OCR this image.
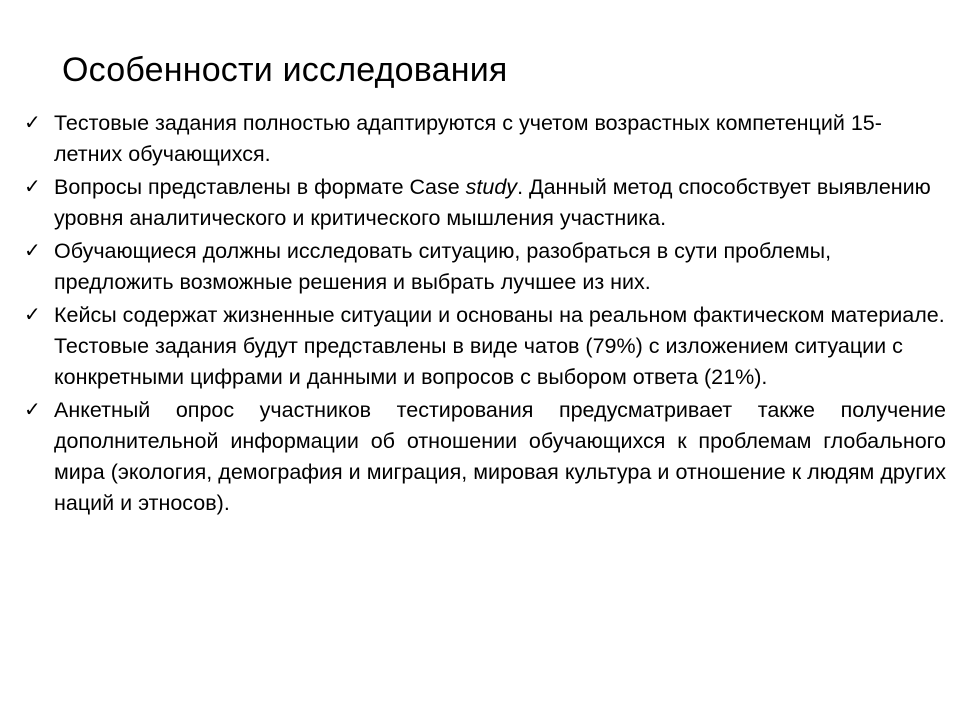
Особенности исследования
✓ Тестовые задания полностью адаптируются с учетом возрастных компетенций 15-летних обучающихся.
✓ Вопросы представлены в формате Case study. Данный метод способствует выявлению уровня аналитического и критического мышления участника.
✓ Обучающиеся должны исследовать ситуацию, разобраться в сути проблемы, предложить возможные решения и выбрать лучшее из них.
✓ Кейсы содержат жизненные ситуации и основаны на реальном фактическом материале. Тестовые задания будут представлены в виде чатов (79%) с изложением ситуации с конкретными цифрами и данными и вопросов с выбором ответа (21%).
✓ Анкетный опрос участников тестирования предусматривает также получение дополнительной информации об отношении обучающихся к проблемам глобального мира (экология, демография и миграция, мировая культура и отношение к людям других наций и этносов).
